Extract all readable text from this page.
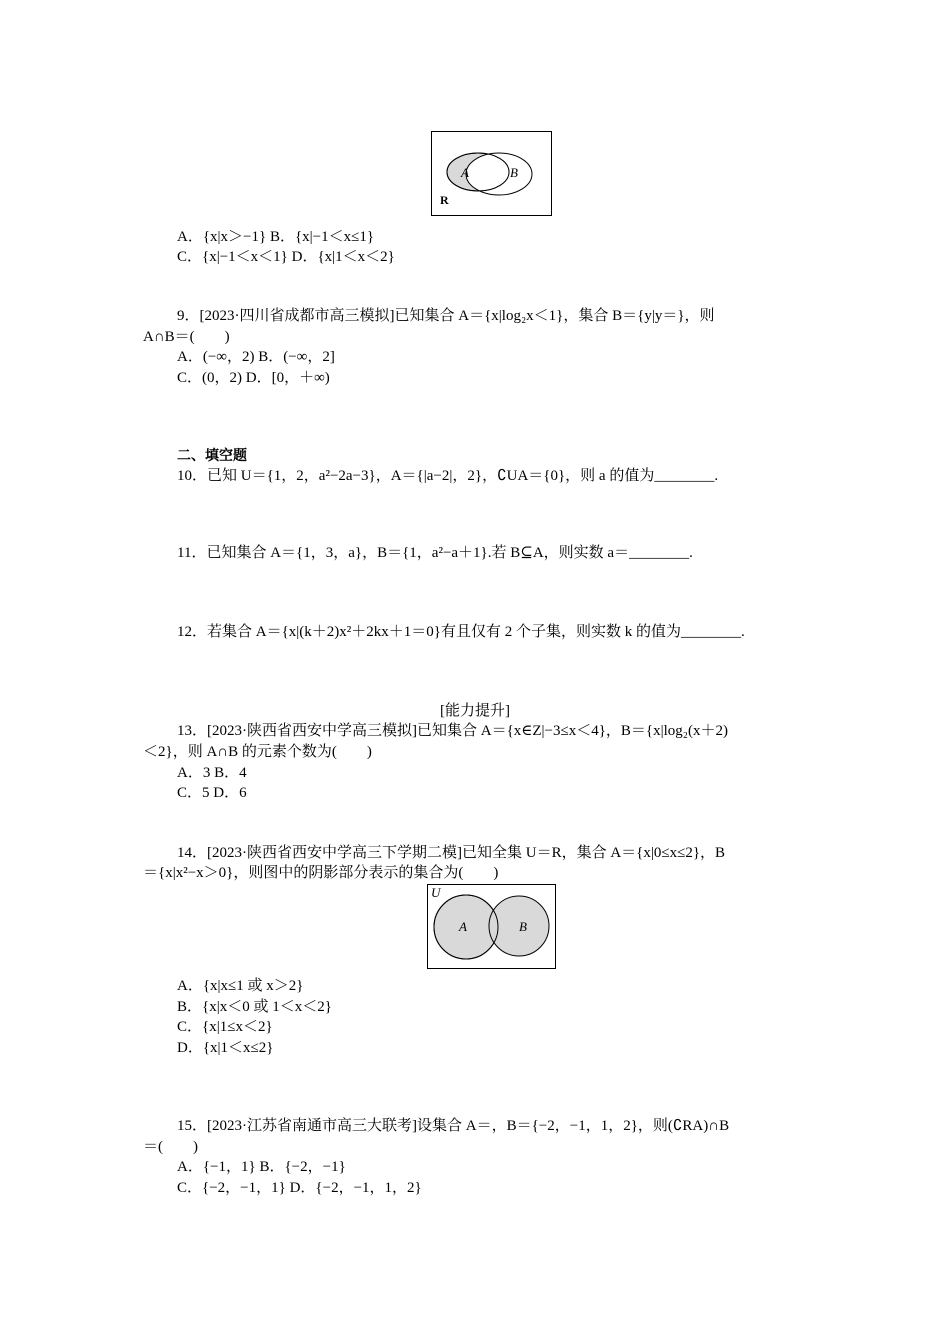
A	B
R
A．{x|x＞−1} B．{x|−1＜x≤1}
C．{x|−1＜x＜1} D．{x|1＜x＜2}
9．[2023·四川省成都市高三模拟]已知集合 A＝{x|log₂x＜1}，集合 B＝{y|y＝}，则
A∩B＝(　　)
A．(−∞，2) B．(−∞，2]
C．(0，2) D．[0，＋∞)
二、填空题
10．已知 U＝{1，2，a²−2a−3}，A＝{|a−2|，2}，∁UA＝{0}，则 a 的值为________.
11．已知集合 A＝{1，3，a}，B＝{1，a²−a＋1}.若 B⊆A，则实数 a＝________.
12．若集合 A＝{x|(k＋2)x²＋2kx＋1＝0}有且仅有 2 个子集，则实数 k 的值为________.
[能力提升]
13．[2023·陕西省西安中学高三模拟]已知集合 A＝{x∈Z|−3≤x＜4}，B＝{x|log₂(x＋2)
＜2}，则 A∩B 的元素个数为(　　)
A．3 B．4
C．5 D．6
14．[2023·陕西省西安中学高三下学期二模]已知全集 U＝R，集合 A＝{x|0≤x≤2}，B
＝{x|x²−x＞0}，则图中的阴影部分表示的集合为(　　)
U
A	B
A．{x|x≤1 或 x＞2}
B．{x|x＜0 或 1＜x＜2}
C．{x|1≤x＜2}
D．{x|1＜x≤2}
15．[2023·江苏省南通市高三大联考]设集合 A＝，B＝{−2，−1，1，2}，则(∁RA)∩B
＝(　　)
A．{−1，1} B．{−2，−1}
C．{−2，−1，1} D．{−2，−1，1，2}
